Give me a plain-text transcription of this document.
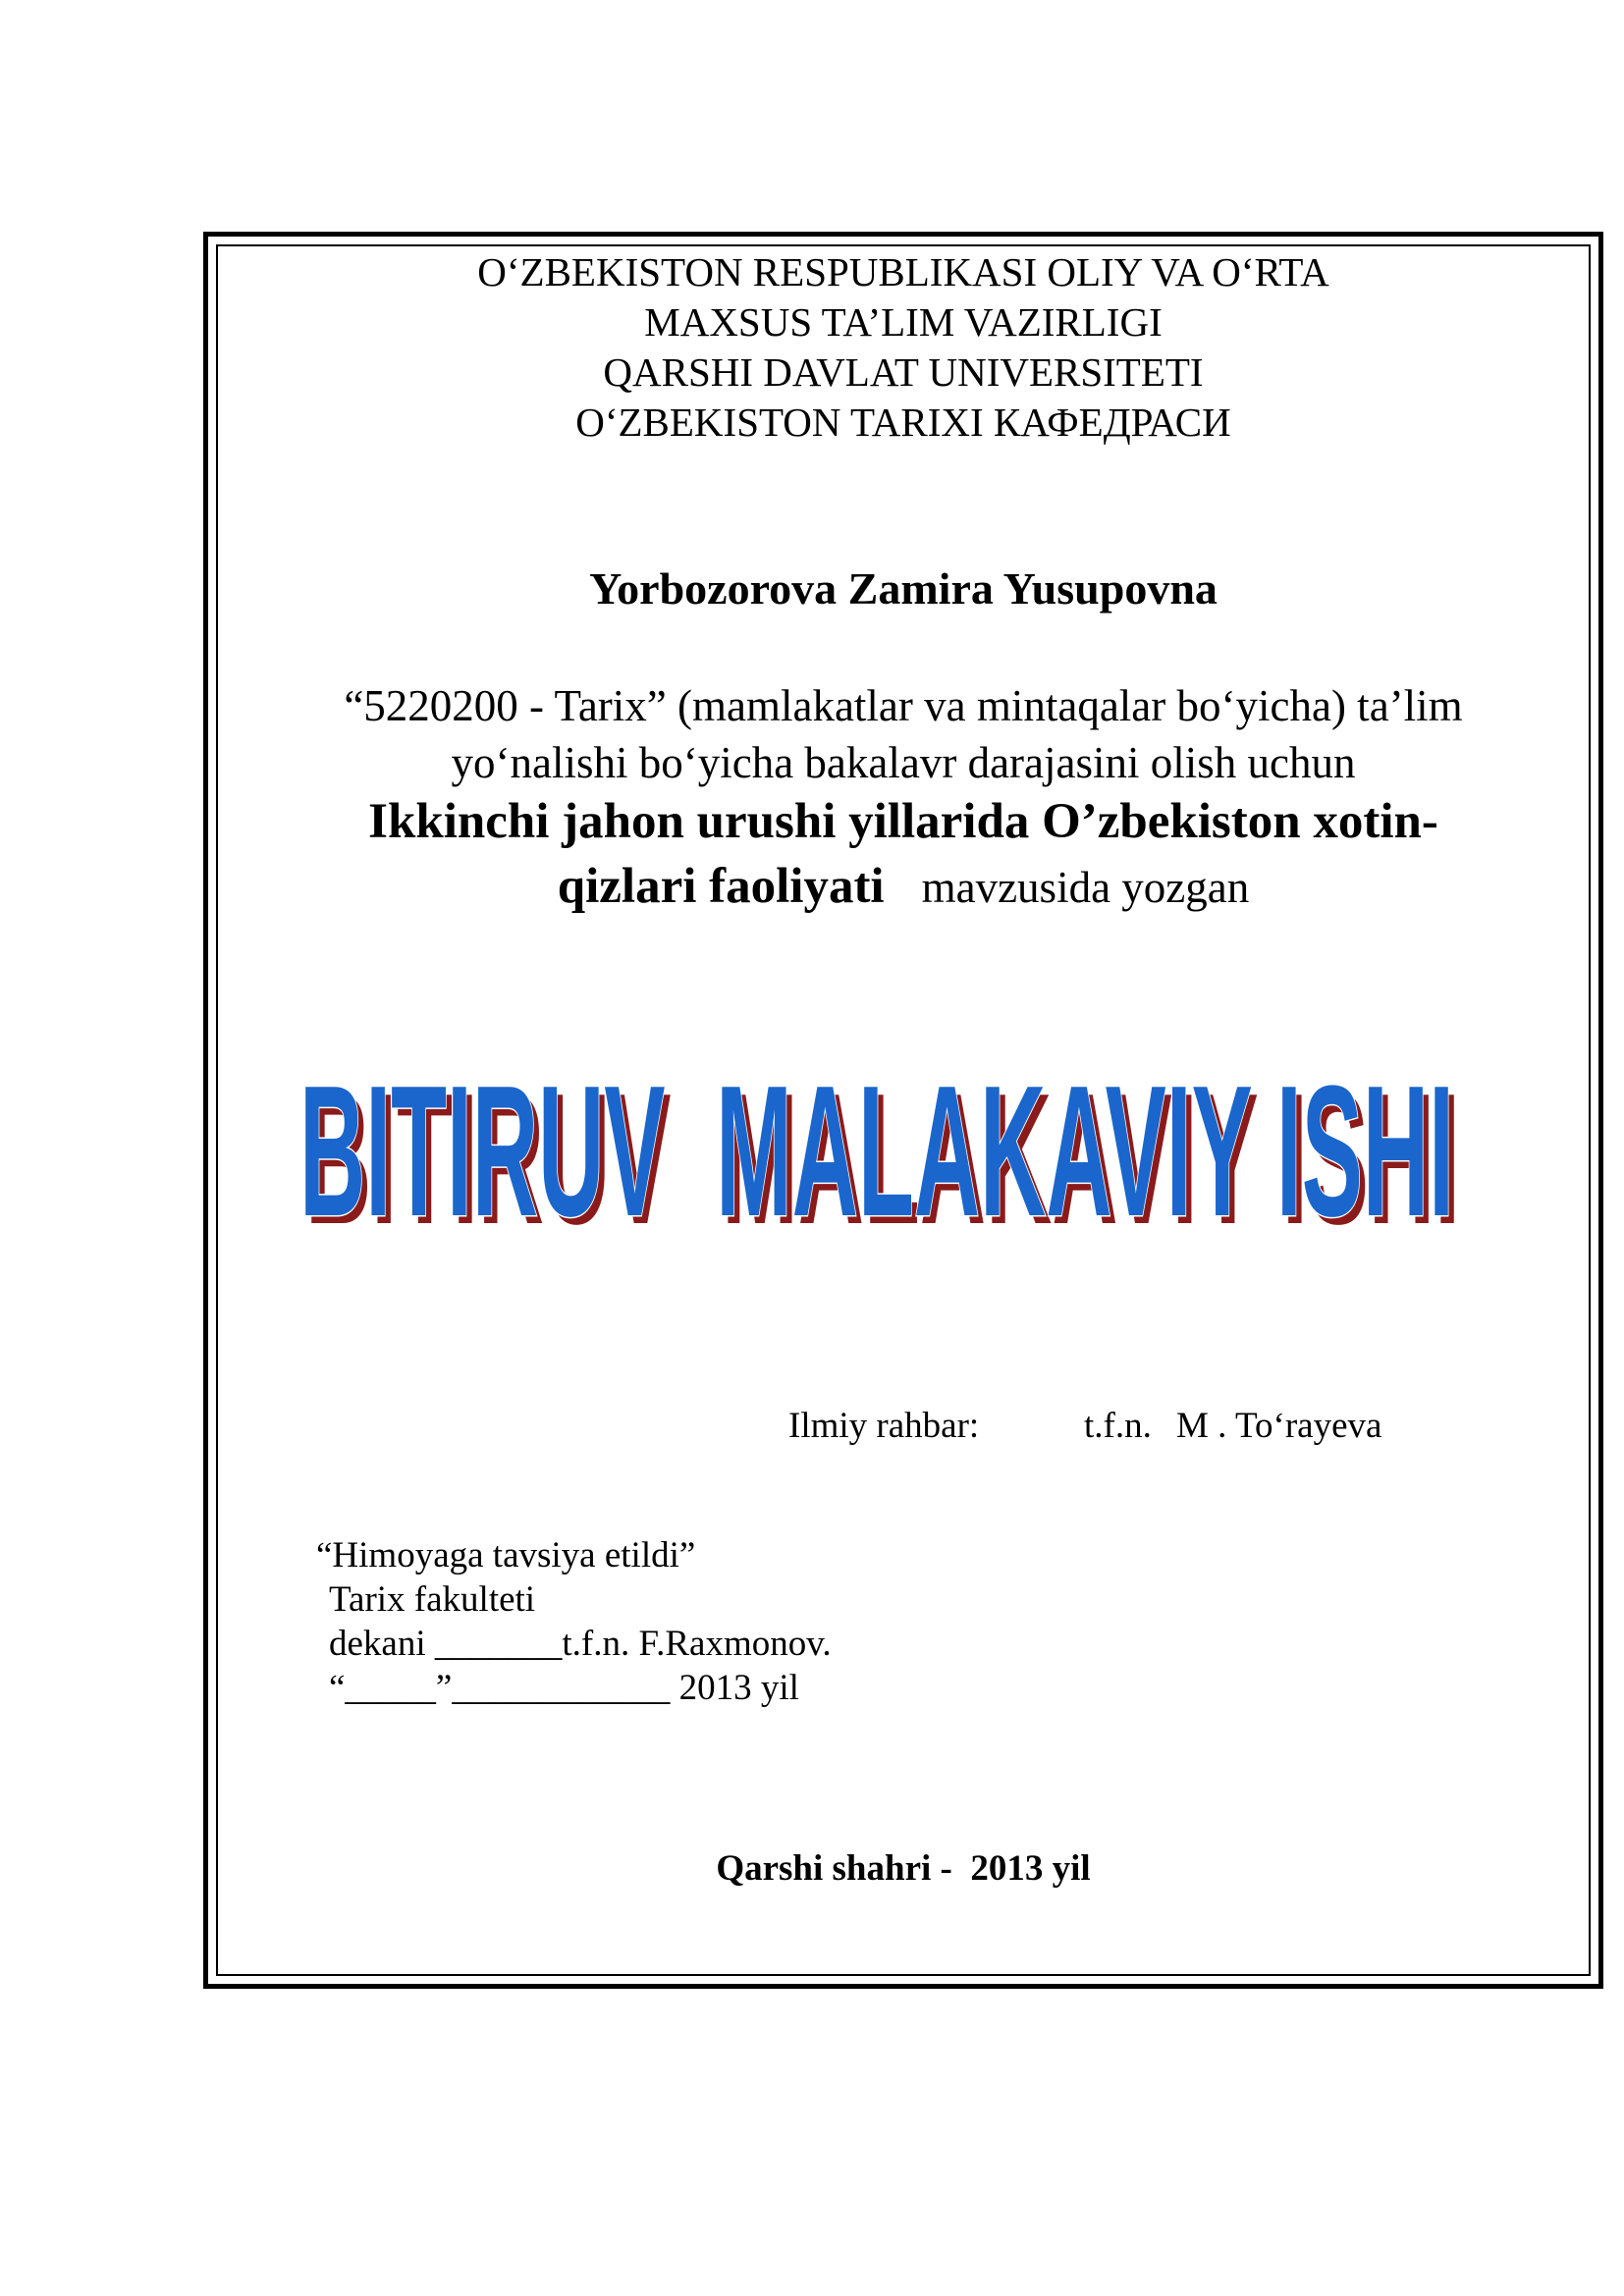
O‘ZBEKISTON RESPUBLIKASI OLIY VA O‘RTA
MAXSUS TA’LIM VAZIRLIGI
QARSHI DAVLAT UNIVERSITETI
O‘ZBEKISTON TARIXI КАФЕДРАСИ
Yorbozorova Zamira Yusupovna
“5220200 - Tarix” (mamlakatlar va mintaqalar bo‘yicha) ta’lim
yo‘nalishi bo‘yicha bakalavr darajasini olish uchun
Ikkinchi jahon urushi yillarida O’zbekiston xotin-
qizlari faoliyati mavzusida yozgan
BITIRUV  MALAKAVIY ISHI
BITIRUV  MALAKAVIY ISHI
Ilmiy rahbar:	t.f.n. M . To‘rayeva
“Himoyaga tavsiya etildi”
Tarix fakulteti
dekani _______t.f.n. F.Raxmonov.
“_____”____________ 2013 yil
Qarshi shahri -  2013 yil
